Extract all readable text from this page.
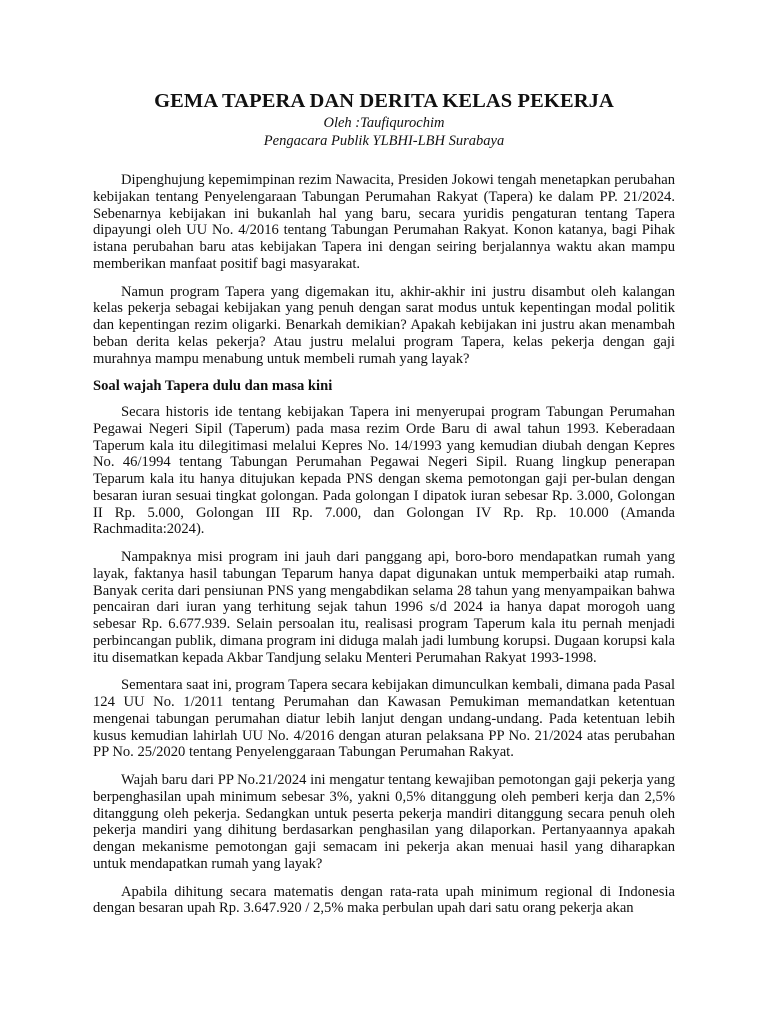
GEMA TAPERA DAN DERITA KELAS PEKERJA
Oleh :Taufiqurochim
Pengacara Publik YLBHI-LBH Surabaya

Dipenghujung kepemimpinan rezim Nawacita, Presiden Jokowi tengah menetapkan perubahan kebijakan tentang Penyelengaraan Tabungan Perumahan Rakyat (Tapera) ke dalam PP. 21/2024. Sebenarnya kebijakan ini bukanlah hal yang baru, secara yuridis pengaturan tentang Tapera dipayungi oleh UU No. 4/2016 tentang Tabungan Perumahan Rakyat. Konon katanya, bagi Pihak istana perubahan baru atas kebijakan Tapera ini dengan seiring berjalannya waktu akan mampu memberikan manfaat positif bagi masyarakat.

Namun program Tapera yang digemakan itu, akhir-akhir ini justru disambut oleh kalangan kelas pekerja sebagai kebijakan yang penuh dengan sarat modus untuk kepentingan modal politik dan kepentingan rezim oligarki. Benarkah demikian? Apakah kebijakan ini justru akan menambah beban derita kelas pekerja? Atau justru melalui program Tapera, kelas pekerja dengan gaji murahnya mampu menabung untuk membeli rumah yang layak?

Soal wajah Tapera dulu dan masa kini

Secara historis ide tentang kebijakan Tapera ini menyerupai program Tabungan Perumahan Pegawai Negeri Sipil (Taperum) pada masa rezim Orde Baru di awal tahun 1993. Keberadaan Taperum kala itu dilegitimasi melalui Kepres No. 14/1993 yang kemudian diubah dengan Kepres No. 46/1994 tentang Tabungan Perumahan Pegawai Negeri Sipil. Ruang lingkup penerapan Teparum kala itu hanya ditujukan kepada PNS dengan skema pemotongan gaji per-bulan dengan besaran iuran sesuai tingkat golongan. Pada golongan I dipatok iuran sebesar Rp. 3.000, Golongan II Rp. 5.000, Golongan III Rp. 7.000, dan Golongan IV Rp. Rp. 10.000 (Amanda Rachmadita:2024).

Nampaknya misi program ini jauh dari panggang api, boro-boro mendapatkan rumah yang layak, faktanya hasil tabungan Teparum hanya dapat digunakan untuk memperbaiki atap rumah. Banyak cerita dari pensiunan PNS yang mengabdikan selama 28 tahun yang menyampaikan bahwa pencairan dari iuran yang terhitung sejak tahun 1996 s/d 2024 ia hanya dapat morogoh uang sebesar Rp. 6.677.939. Selain persoalan itu, realisasi program Taperum kala itu pernah menjadi perbincangan publik, dimana program ini diduga malah jadi lumbung korupsi. Dugaan korupsi kala itu disematkan kepada Akbar Tandjung selaku Menteri Perumahan Rakyat 1993-1998.

Sementara saat ini, program Tapera secara kebijakan dimunculkan kembali, dimana pada Pasal 124 UU No. 1/2011 tentang Perumahan dan Kawasan Pemukiman memandatkan ketentuan mengenai tabungan perumahan diatur lebih lanjut dengan undang-undang. Pada ketentuan lebih kusus kemudian lahirlah UU No. 4/2016 dengan aturan pelaksana PP No. 21/2024 atas perubahan PP No. 25/2020 tentang Penyelenggaraan Tabungan Perumahan Rakyat.

Wajah baru dari PP No.21/2024 ini mengatur tentang kewajiban pemotongan gaji pekerja yang berpenghasilan upah minimum sebesar 3%, yakni 0,5% ditanggung oleh pemberi kerja dan 2,5% ditanggung oleh pekerja. Sedangkan untuk peserta pekerja mandiri ditanggung secara penuh oleh pekerja mandiri yang dihitung berdasarkan penghasilan yang dilaporkan. Pertanyaannya apakah dengan mekanisme pemotongan gaji semacam ini pekerja akan menuai hasil yang diharapkan untuk mendapatkan rumah yang layak?

Apabila dihitung secara matematis dengan rata-rata upah minimum regional di Indonesia dengan besaran upah Rp. 3.647.920 / 2,5% maka perbulan upah dari satu orang pekerja akan
